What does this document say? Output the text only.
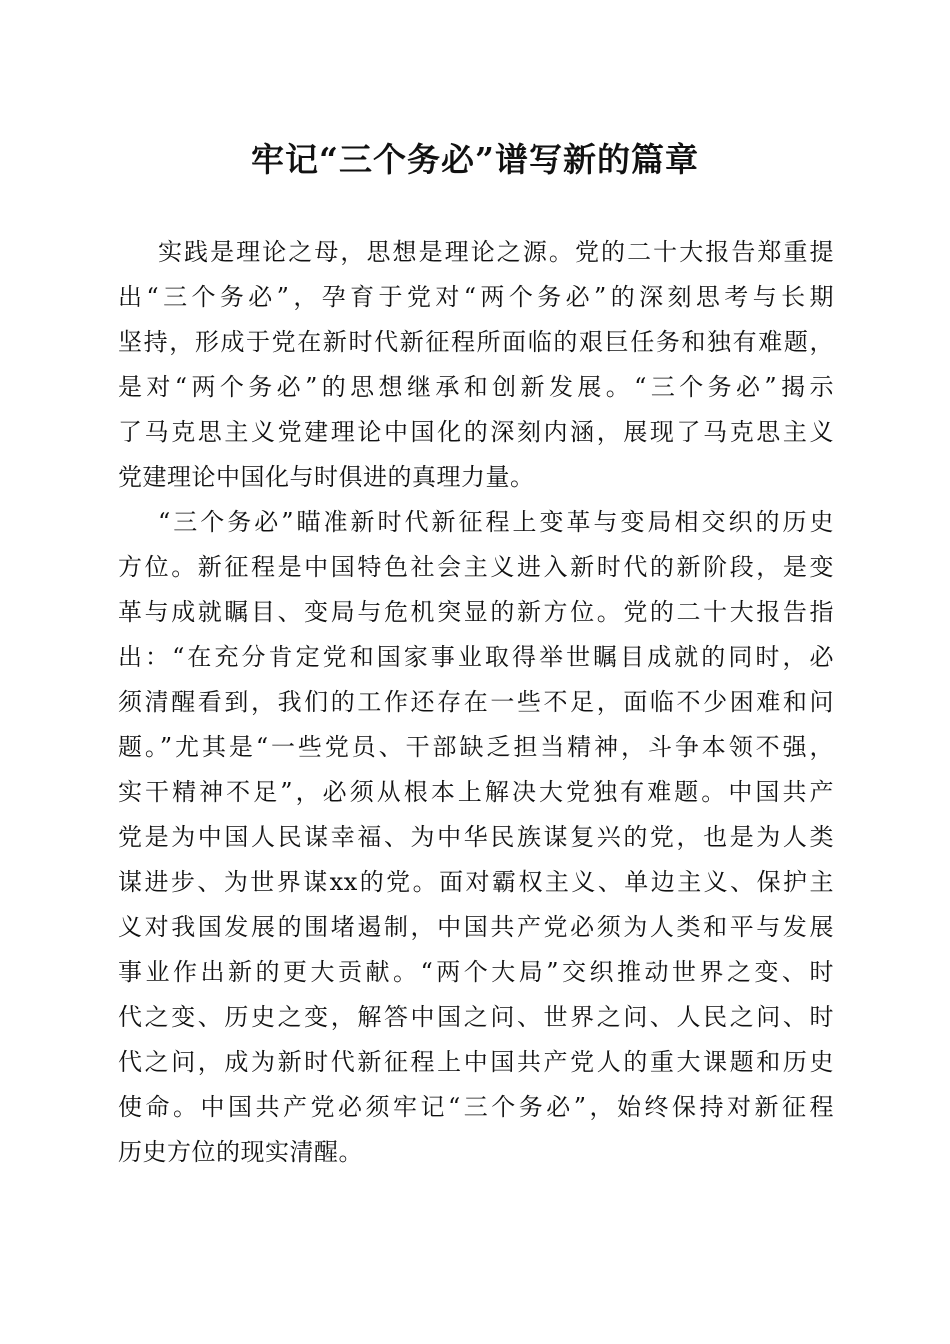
牢记“三个务必”谱写新的篇章
实践是理论之母，思想是理论之源。党的二十大报告郑重提
出“三个务必”，孕育于党对“两个务必”的深刻思考与长期
坚持，形成于党在新时代新征程所面临的艰巨任务和独有难题，
是对“两个务必”的思想继承和创新发展。“三个务必”揭示
了马克思主义党建理论中国化的深刻内涵，展现了马克思主义
党建理论中国化与时俱进的真理力量。
“三个务必”瞄准新时代新征程上变革与变局相交织的历史
方位。新征程是中国特色社会主义进入新时代的新阶段，是变
革与成就瞩目、变局与危机突显的新方位。党的二十大报告指
出：“在充分肯定党和国家事业取得举世瞩目成就的同时，必
须清醒看到，我们的工作还存在一些不足，面临不少困难和问
题。”尤其是“一些党员、干部缺乏担当精神，斗争本领不强，
实干精神不足”，必须从根本上解决大党独有难题。中国共产
党是为中国人民谋幸福、为中华民族谋复兴的党，也是为人类
谋进步、为世界谋xx的党。面对霸权主义、单边主义、保护主
义对我国发展的围堵遏制，中国共产党必须为人类和平与发展
事业作出新的更大贡献。“两个大局”交织推动世界之变、时
代之变、历史之变，解答中国之问、世界之问、人民之问、时
代之问，成为新时代新征程上中国共产党人的重大课题和历史
使命。中国共产党必须牢记“三个务必”，始终保持对新征程
历史方位的现实清醒。
